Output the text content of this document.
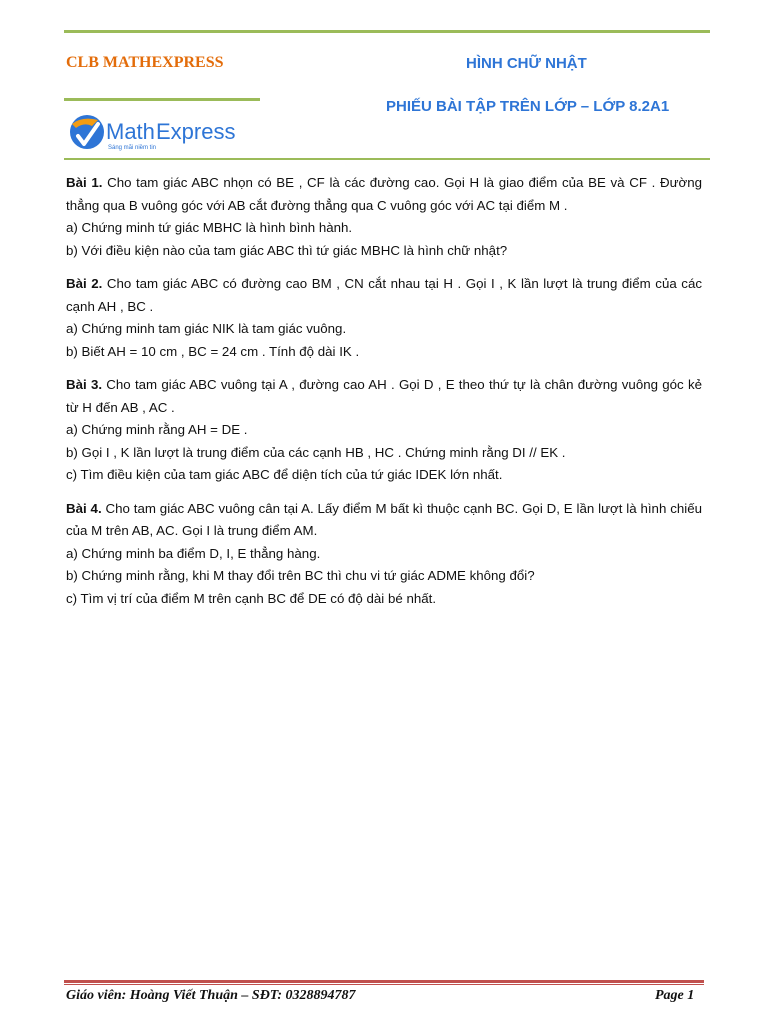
CLB MATHEXPRESS	HÌNH CHỮ NHẬT
PHIẾU BÀI TẬP TRÊN LỚP – LỚP 8.2A1
Math Express
Sáng mãi niềm tin

Bài 1. Cho tam giác ABC nhọn có BE , CF là các đường cao. Gọi H là giao điểm của BE và CF . Đường thẳng qua B vuông góc với AB cắt đường thẳng qua C vuông góc với AC tại điểm M .

a) Chứng minh tứ giác MBHC là hình bình hành.

b) Với điều kiện nào của tam giác ABC thì tứ giác MBHC là hình chữ nhật?

Bài 2. Cho tam giác ABC có đường cao BM , CN cắt nhau tại H . Gọi I , K lần lượt là trung điểm của các cạnh AH , BC .

a) Chứng minh tam giác NIK là tam giác vuông.

b) Biết AH = 10 cm , BC = 24 cm . Tính độ dài IK .

Bài 3. Cho tam giác ABC vuông tại A , đường cao AH . Gọi D , E theo thứ tự là chân đường vuông góc kẻ từ H đến AB , AC .

a) Chứng minh rằng AH = DE .

b) Gọi I , K lần lượt là trung điểm của các cạnh HB , HC . Chứng minh rằng DI // EK .

c) Tìm điều kiện của tam giác ABC để diện tích của tứ giác IDEK lớn nhất.

Bài 4. Cho tam giác ABC vuông cân tại A. Lấy điểm M bất kì thuộc cạnh BC. Gọi D, E lần lượt là hình chiếu của M trên AB, AC. Gọi I là trung điểm AM.

a) Chứng minh ba điểm D, I, E thẳng hàng.

b) Chứng minh rằng, khi M thay đổi trên BC thì chu vi tứ giác ADME không đổi?

c) Tìm vị trí của điểm M trên cạnh BC để DE có độ dài bé nhất.

Giáo viên: Hoàng Viết Thuận – SĐT: 0328894787	Page 1
